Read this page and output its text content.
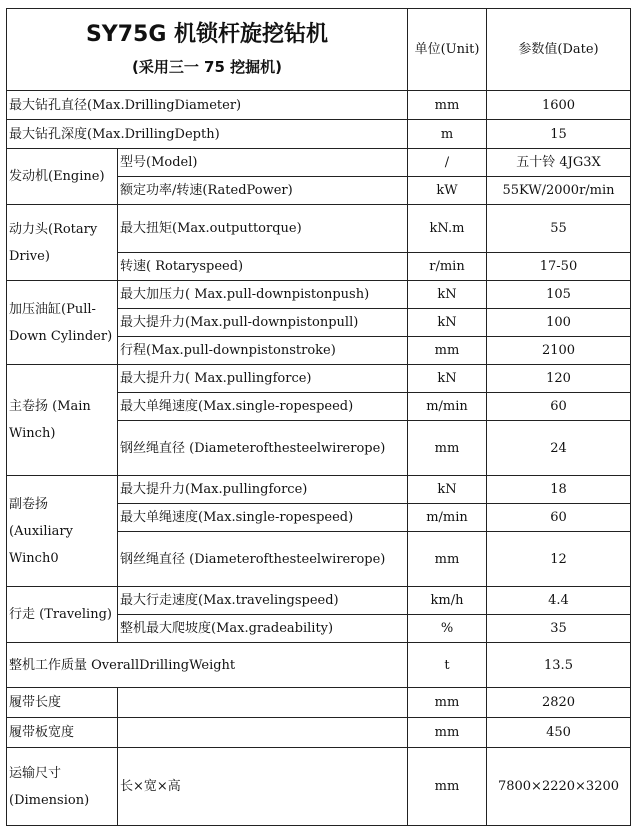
SY75G 机锁杆旋挖钻机
(采用三一 75 挖掘机)		单位(Unit)	参数值(Date)
最大钻孔直径(Max.DrillingDiameter)		mm	1600
最大钻孔深度(Max.DrillingDepth)		m	15
发动机(Engine)	型号(Model)	/	五十铃 4JG3X
	额定功率/转速(RatedPower)	kW	55KW/2000r/min
动力头(Rotary Drive)	最大扭矩(Max.outputtorque)	kN.m	55
	转速( Rotaryspeed)	r/min	17-50
加压油缸(Pull-Down Cylinder)	最大加压力( Max.pull-downpistonpush)	kN	105
	最大提升力(Max.pull-downpistonpull)	kN	100
	行程(Max.pull-downpistonstroke)	mm	2100
主卷扬 (Main Winch)	最大提升力( Max.pullingforce)	kN	120
	最大单绳速度(Max.single-ropespeed)	m/min	60
	钢丝绳直径 (Diameterofthesteelwirerope)	mm	24
副卷扬 (Auxiliary Winch0	最大提升力(Max.pullingforce)	kN	18
	最大单绳速度(Max.single-ropespeed)	m/min	60
	钢丝绳直径 (Diameterofthesteelwirerope)	mm	12
行走 (Traveling)	最大行走速度(Max.travelingspeed)	km/h	4.4
	整机最大爬坡度(Max.gradeability)	%	35
整机工作质量 OverallDrillingWeight		t	13.5
履带长度		mm	2820
履带板宽度		mm	450
运输尺寸 (Dimension)	长×宽×高	mm	7800×2220×3200
